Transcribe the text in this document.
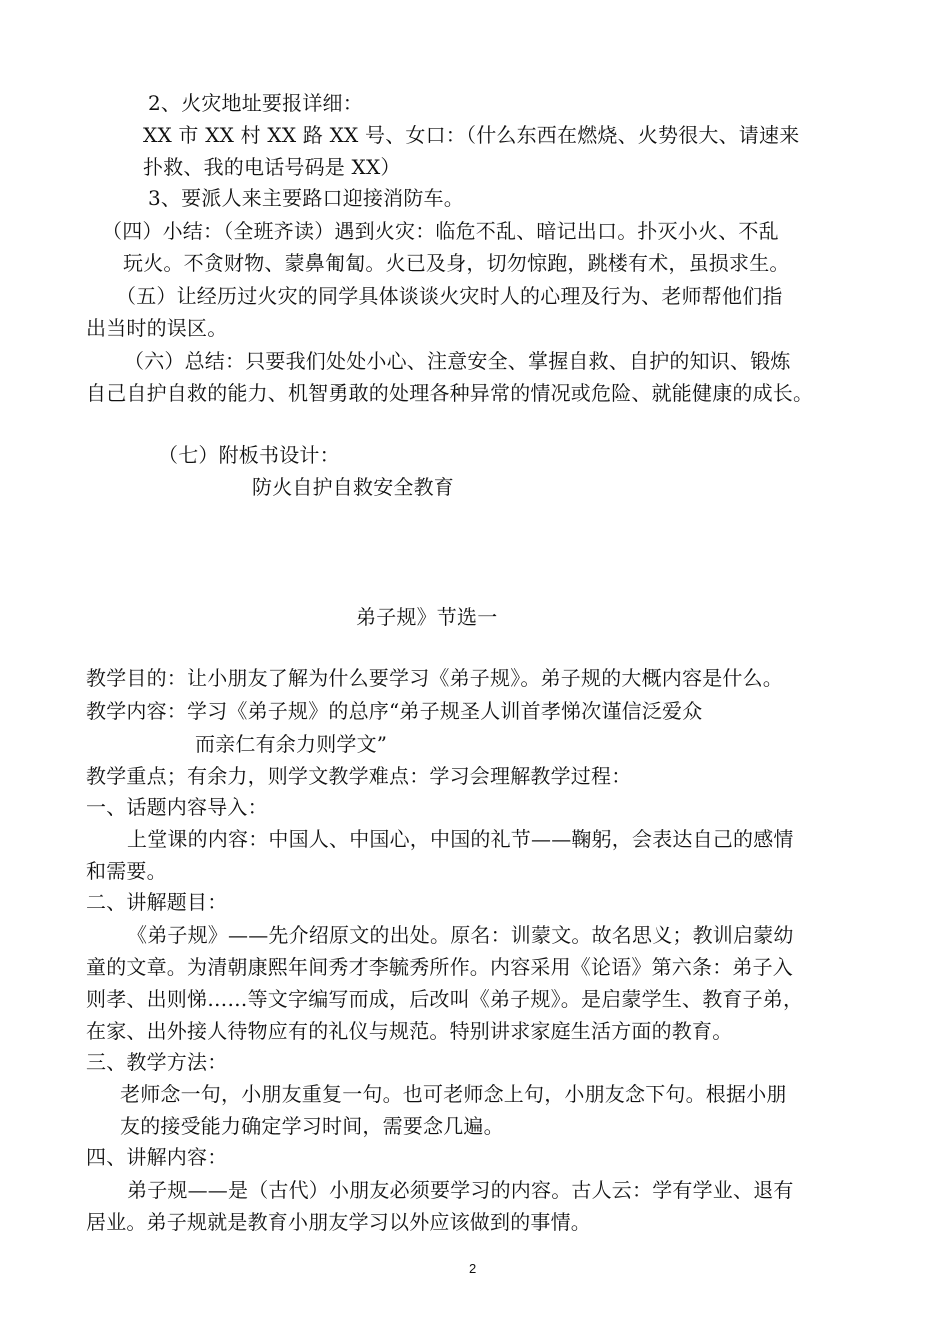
2、火灾地址要报详细：
XX 市 XX 村 XX 路 XX 号、女口：（什么东西在燃烧、火势很大、请速来
扑救、我的电话号码是 XX）
3、要派人来主要路口迎接消防车。
（四）小结：（全班齐读）遇到火灾：临危不乱、暗记出口。扑灭小火、不乱
玩火。不贪财物、蒙鼻匍匐。火已及身，切勿惊跑，跳楼有术，虽损求生。
（五）让经历过火灾的同学具体谈谈火灾时人的心理及行为、老师帮他们指
出当时的误区。
（六）总结：只要我们处处小心、注意安全、掌握自救、自护的知识、锻炼
自己自护自救的能力、机智勇敢的处理各种异常的情况或危险、就能健康的成长。
（七）附板书设计：
防火自护自救安全教育
弟子规》节选一
教学目的：让小朋友了解为什么要学习《弟子规》。弟子规的大概内容是什么。
教学内容：学习《弟子规》的总序“弟子规圣人训首孝悌次谨信泛爱众
而亲仁有余力则学文”
教学重点；有余力，则学文教学难点：学习会理解教学过程：
一、话题内容导入：
上堂课的内容：中国人、中国心，中国的礼节——鞠躬，会表达自己的感情
和需要。
二、讲解题目：
《弟子规》——先介绍原文的出处。原名：训蒙文。故名思义；教训启蒙幼
童的文章。为清朝康熙年间秀才李毓秀所作。内容采用《论语》第六条：弟子入
则孝、出则悌……等文字编写而成，后改叫《弟子规》。是启蒙学生、教育子弟，
在家、出外接人待物应有的礼仪与规范。特别讲求家庭生活方面的教育。
三、教学方法：
老师念一句，小朋友重复一句。也可老师念上句，小朋友念下句。根据小朋
友的接受能力确定学习时间，需要念几遍。
四、讲解内容：
弟子规——是（古代）小朋友必须要学习的内容。古人云：学有学业、退有
居业。弟子规就是教育小朋友学习以外应该做到的事情。
2
